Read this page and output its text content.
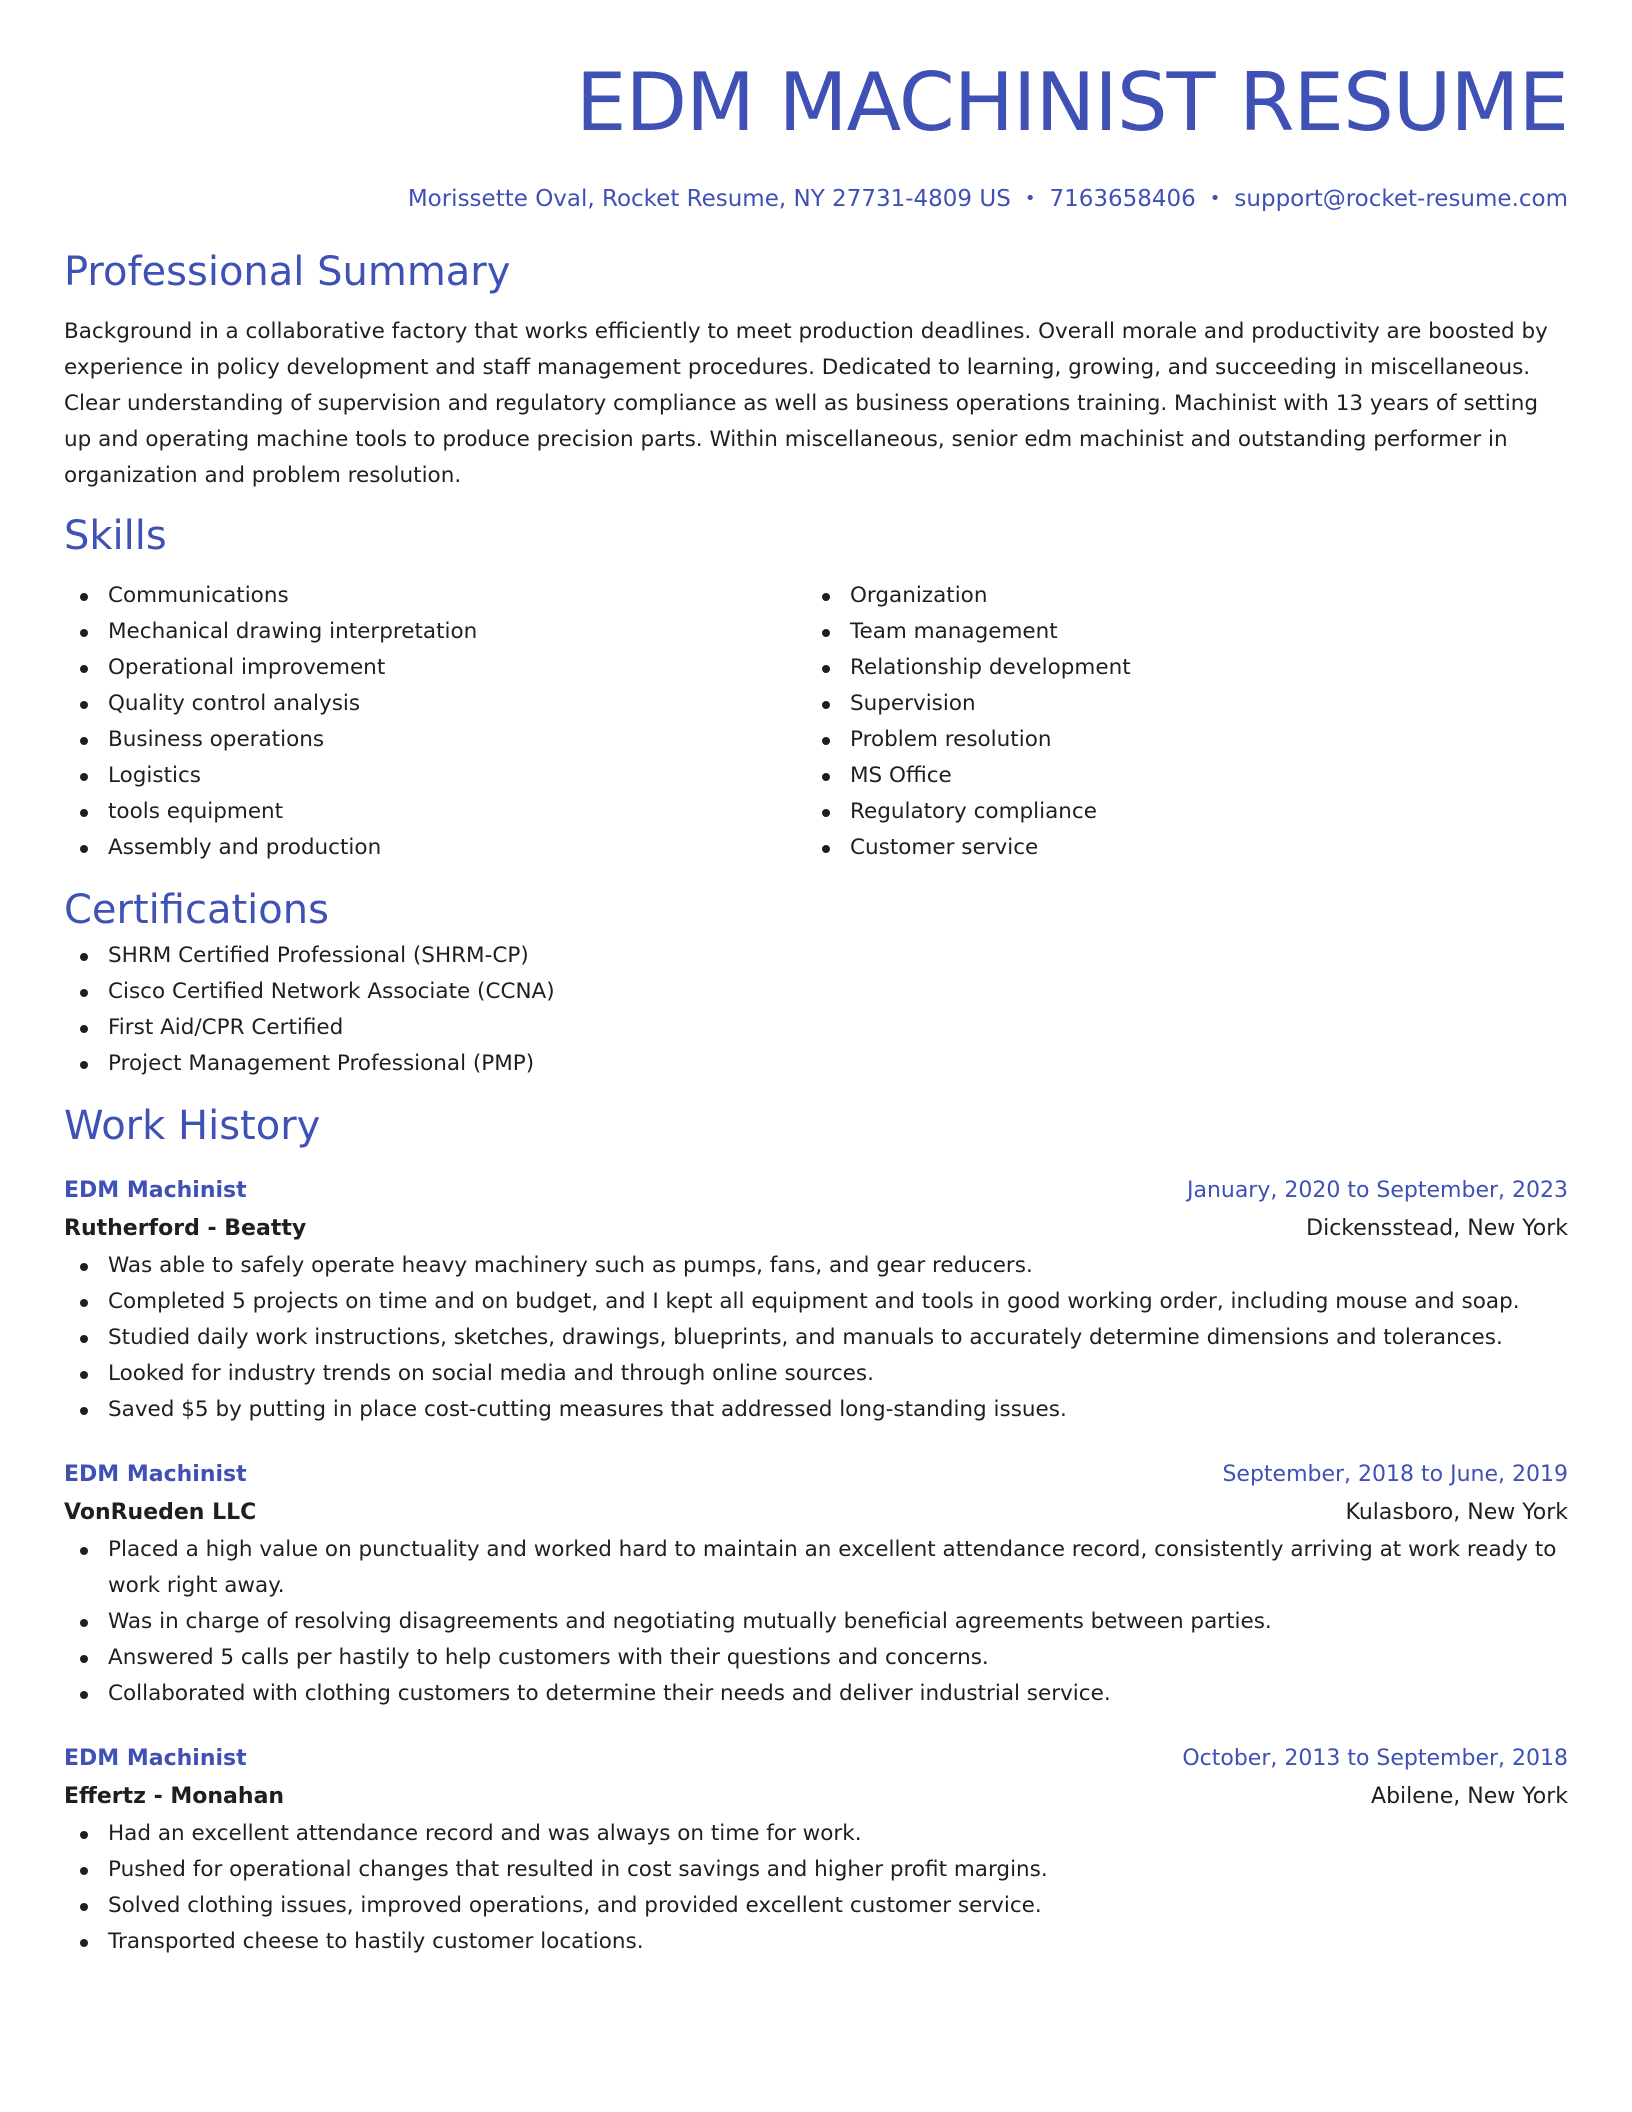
EDM MACHINIST RESUME
Morissette Oval, Rocket Resume, NY 27731-4809 US • 7163658406 • support@rocket-resume.com
Professional Summary
Background in a collaborative factory that works efficiently to meet production deadlines. Overall morale and productivity are boosted by experience in policy development and staff management procedures. Dedicated to learning, growing, and succeeding in miscellaneous. Clear understanding of supervision and regulatory compliance as well as business operations training. Machinist with 13 years of setting up and operating machine tools to produce precision parts. Within miscellaneous, senior edm machinist and outstanding performer in organization and problem resolution.
Skills
Communications
Mechanical drawing interpretation
Operational improvement
Quality control analysis
Business operations
Logistics
tools equipment
Assembly and production
Organization
Team management
Relationship development
Supervision
Problem resolution
MS Office
Regulatory compliance
Customer service
Certifications
SHRM Certified Professional (SHRM-CP)
Cisco Certified Network Associate (CCNA)
First Aid/CPR Certified
Project Management Professional (PMP)
Work History
EDM Machinist	January, 2020 to September, 2023
Rutherford - Beatty	Dickensstead, New York
Was able to safely operate heavy machinery such as pumps, fans, and gear reducers.
Completed 5 projects on time and on budget, and I kept all equipment and tools in good working order, including mouse and soap.
Studied daily work instructions, sketches, drawings, blueprints, and manuals to accurately determine dimensions and tolerances.
Looked for industry trends on social media and through online sources.
Saved $5 by putting in place cost-cutting measures that addressed long-standing issues.
EDM Machinist	September, 2018 to June, 2019
VonRueden LLC	Kulasboro, New York
Placed a high value on punctuality and worked hard to maintain an excellent attendance record, consistently arriving at work ready to work right away.
Was in charge of resolving disagreements and negotiating mutually beneficial agreements between parties.
Answered 5 calls per hastily to help customers with their questions and concerns.
Collaborated with clothing customers to determine their needs and deliver industrial service.
EDM Machinist	October, 2013 to September, 2018
Effertz - Monahan	Abilene, New York
Had an excellent attendance record and was always on time for work.
Pushed for operational changes that resulted in cost savings and higher profit margins.
Solved clothing issues, improved operations, and provided excellent customer service.
Transported cheese to hastily customer locations.
